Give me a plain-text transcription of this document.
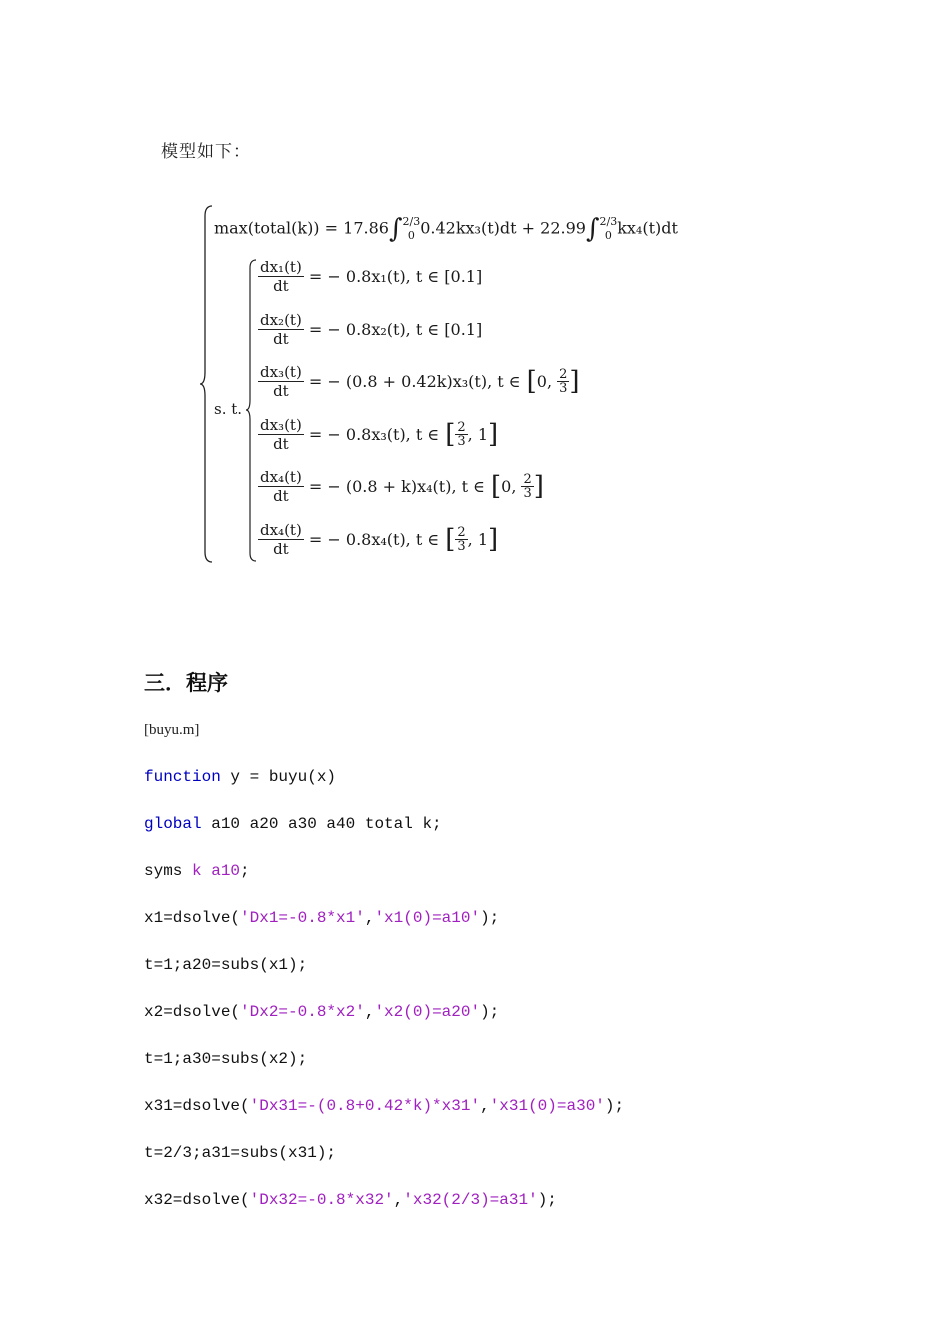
模型如下：
max(total(k)) = 17.86∫ 2/3
0 0.42kx₃(t)dt + 22.99∫ 2/3
0 kx₄(t)dt
s. t.
$\frac{\text{dx₁(t)}}{dt}$ = − 0.8x₁(t), t ∈ [0.1]
$\frac{\text{dx₂(t)}}{dt}$ = − 0.8x₂(t), t ∈ [0.1]
$\frac{\text{dx₃(t)}}{dt}$ = − (0.8 + 0.42k)x₃(t), t ∈ [0, $\frac{2}{3}$ ]
$\frac{\text{dx₃(t)}}{dt}$ = − 0.8x₃(t), t ∈ [ $\frac{2}{3}$ , 1]
$\frac{\text{dx₄(t)}}{dt}$ = − (0.8 + k)x₄(t), t ∈ [0, $\frac{2}{3}$ ]
$\frac{\text{dx₄(t)}}{dt}$ = − 0.8x₄(t), t ∈ [ $\frac{2}{3}$ , 1]
三．程序
[buyu.m]
function y = buyu(x)
global a10 a20 a30 a40 total k;
syms k a10;
x1=dsolve('Dx1=-0.8*x1','x1(0)=a10');
t=1;a20=subs(x1);
x2=dsolve('Dx2=-0.8*x2','x2(0)=a20');
t=1;a30=subs(x2);
x31=dsolve('Dx31=-(0.8+0.42*k)*x31','x31(0)=a30');
t=2/3;a31=subs(x31);
x32=dsolve('Dx32=-0.8*x32','x32(2/3)=a31');
